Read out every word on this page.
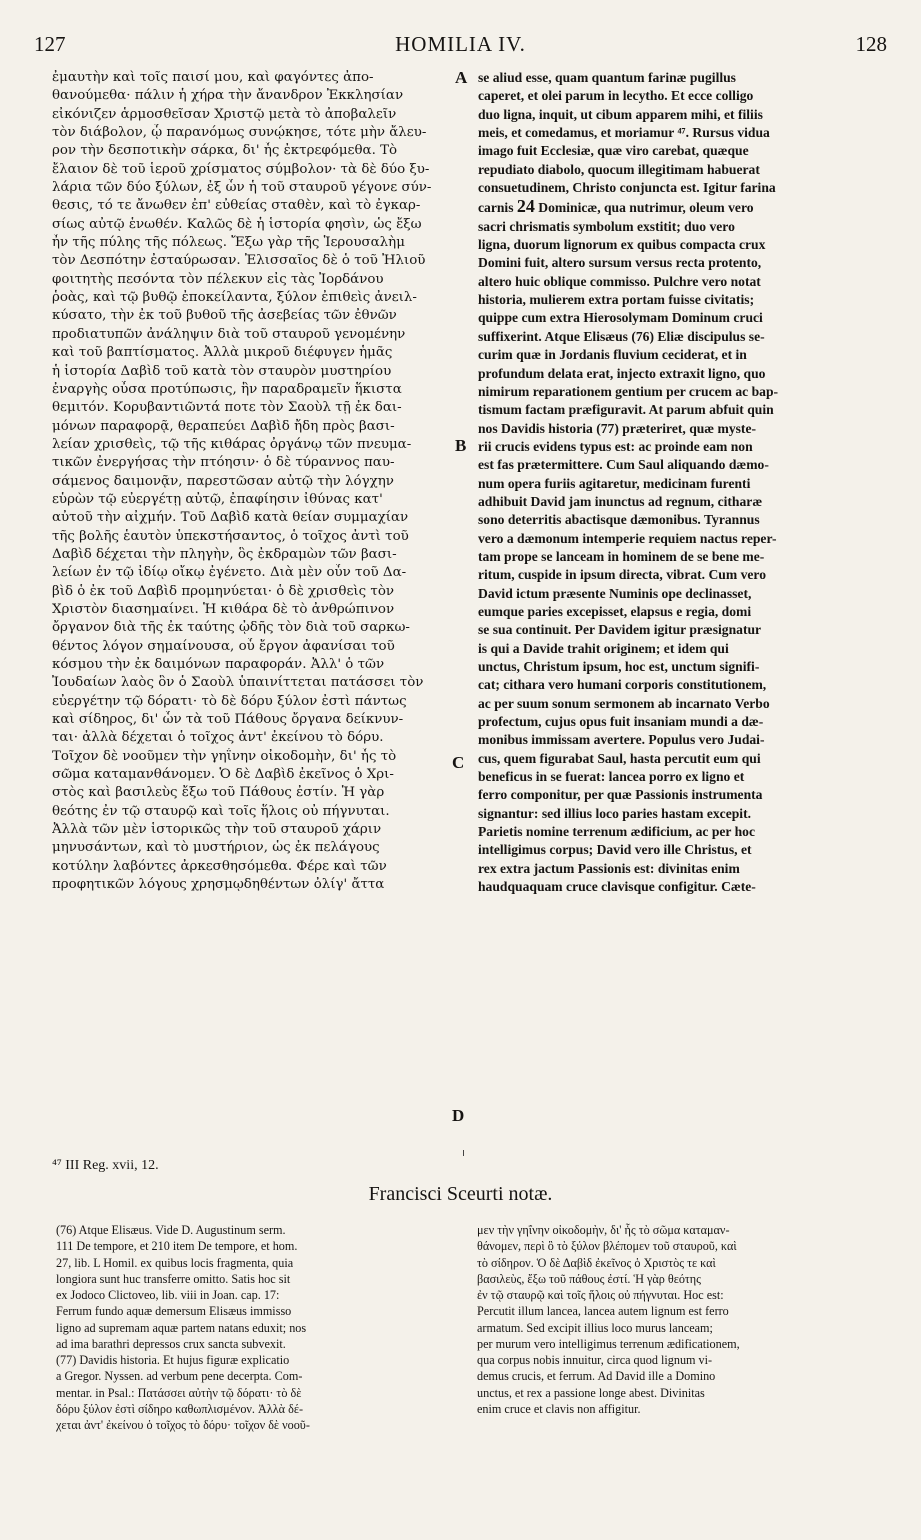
127	HOMILIA IV.	128
ἐμαυτὴν καὶ τοῖς παισί μου, καὶ φαγόντες ἀπο-
θανούμεθα· πάλιν ἡ χήρα τὴν ἄνανδρον Ἐκκλησίαν
εἰκόνιζεν ἁρμοσθεῖσαν Χριστῷ μετὰ τὸ ἀποβαλεῖν
τὸν διάβολον, ᾧ παρανόμως συνῴκησε, τότε μὴν ἄλευ-
ρον τὴν δεσποτικὴν σάρκα, δι' ἧς ἐκτρεφόμεθα. Τὸ
ἔλαιον δὲ τοῦ ἱεροῦ χρίσματος σύμβολον· τὰ δὲ δύο ξυ-
λάρια τῶν δύο ξύλων, ἐξ ὧν ἡ τοῦ σταυροῦ γέγονε σύν-
θεσις, τό τε ἄνωθεν ἐπ' εὐθείας σταθὲν, καὶ τὸ ἐγκαρ-
σίως αὐτῷ ἑνωθέν. Καλῶς δὲ ἡ ἱστορία φησὶν, ὡς ἔξω
ἦν τῆς πύλης τῆς πόλεως. Ἔξω γὰρ τῆς Ἱερουσαλὴμ
τὸν Δεσπότην ἐσταύρωσαν. Ἐλισσαῖος δὲ ὁ τοῦ Ἠλιοῦ
φοιτητὴς πεσόντα τὸν πέλεκυν εἰς τὰς Ἰορδάνου
ῥοὰς, καὶ τῷ βυθῷ ἐποκείλαντα, ξύλον ἐπιθεὶς ἀνειλ-
κύσατο, τὴν ἐκ τοῦ βυθοῦ τῆς ἀσεβείας τῶν ἐθνῶν
προδιατυπῶν ἀνάληψιν διὰ τοῦ σταυροῦ γενομένην
καὶ τοῦ βαπτίσματος. Ἀλλὰ μικροῦ διέφυγεν ἡμᾶς
ἡ ἱστορία Δαβὶδ τοῦ κατὰ τὸν σταυρὸν μυστηρίου
ἐναργὴς οὖσα προτύπωσις, ἣν παραδραμεῖν ἥκιστα
θεμιτόν. Κορυβαντιῶντά ποτε τὸν Σαοὺλ τῇ ἐκ δαι-
μόνων παραφορᾷ, θεραπεύει Δαβὶδ ἤδη πρὸς βασι-
λείαν χρισθεὶς, τῷ τῆς κιθάρας ὀργάνῳ τῶν πνευμα-
τικῶν ἐνεργήσας τὴν πτόησιν· ὁ δὲ τύραννος παυ-
σάμενος δαιμονᾷν, παρεστῶσαν αὐτῷ τὴν λόγχην
εὑρὼν τῷ εὐεργέτῃ αὐτῷ, ἐπαφίησιν ἰθύνας κατ'
αὐτοῦ τὴν αἰχμήν. Τοῦ Δαβὶδ κατὰ θείαν συμμαχίαν
τῆς βολῆς ἑαυτὸν ὑπεκστήσαντος, ὁ τοῖχος ἀντὶ τοῦ
Δαβὶδ δέχεται τὴν πληγὴν, ὃς ἐκδραμὼν τῶν βασι-
λείων ἐν τῷ ἰδίῳ οἴκῳ ἐγένετο. Διὰ μὲν οὖν τοῦ Δα-
βὶδ ὁ ἐκ τοῦ Δαβὶδ προμηνύεται· ὁ δὲ χρισθεὶς τὸν
Χριστὸν διασημαίνει. Ἡ κιθάρα δὲ τὸ ἀνθρώπινον
ὄργανον διὰ τῆς ἐκ ταύτης ᾠδῆς τὸν διὰ τοῦ σαρκω-
θέντος λόγον σημαίνουσα, οὗ ἔργον ἀφανίσαι τοῦ
κόσμου τὴν ἐκ δαιμόνων παραφοράν. Ἀλλ' ὁ τῶν
Ἰουδαίων λαὸς ὃν ὁ Σαοὺλ ὑπαινίττεται πατάσσει τὸν
εὐεργέτην τῷ δόρατι· τὸ δὲ δόρυ ξύλον ἐστὶ πάντως
καὶ σίδηρος, δι' ὧν τὰ τοῦ Πάθους ὄργανα δείκνυν-
ται· ἀλλὰ δέχεται ὁ τοῖχος ἀντ' ἐκείνου τὸ δόρυ.
Τοῖχον δὲ νοοῦμεν τὴν γηΐνην οἰκοδομὴν, δι' ἧς τὸ
σῶμα καταμανθάνομεν. Ὁ δὲ Δαβὶδ ἐκεῖνος ὁ Χρι-
στὸς καὶ βασιλεὺς ἔξω τοῦ Πάθους ἐστίν. Ἡ γὰρ
θεότης ἐν τῷ σταυρῷ καὶ τοῖς ἥλοις οὐ πήγνυται.
Ἀλλὰ τῶν μὲν ἱστορικῶς τὴν τοῦ σταυροῦ χάριν
μηνυσάντων, καὶ τὸ μυστήριον, ὡς ἐκ πελάγους
κοτύλην λαβόντες ἀρκεσθησόμεθα. Φέρε καὶ τῶν
προφητικῶν λόγους χρησμῳδηθέντων ὀλίγ' ἄττα
se aliud esse, quam quantum farinæ pugillus
caperet, et olei parum in lecytho. Et ecce colligo
duo ligna, inquit, ut cibum apparem mihi, et filiis
meis, et comedamus, et moriamur ⁴⁷. Rursus vidua
imago fuit Ecclesiæ, quæ viro carebat, quæque
repudiato diabolo, quocum illegitimam habuerat
consuetudinem, Christo conjuncta est. Igitur farina
carnis 24 Dominicæ, qua nutrimur, oleum vero
sacri chrismatis symbolum exstitit; duo vero
ligna, duorum lignorum ex quibus compacta crux
Domini fuit, altero sursum versus recta protento,
altero huic oblique commisso. Pulchre vero notat
historia, mulierem extra portam fuisse civitatis;
quippe cum extra Hierosolymam Dominum cruci
suffixerint. Atque Elisæus (76) Eliæ discipulus se-
curim quæ in Jordanis fluvium ceciderat, et in
profundum delata erat, injecto extraxit ligno, quo
nimirum reparationem gentium per crucem ac bap-
tismum factam præfiguravit. At parum abfuit quin
nos Davidis historia (77) præteriret, quæ myste-
rii crucis evidens typus est: ac proinde eam non
est fas prætermittere. Cum Saul aliquando dæmo-
num opera furiis agitaretur, medicinam furenti
adhibuit David jam inunctus ad regnum, citharæ
sono deterritis abactisque dæmonibus. Tyrannus
vero a dæmonum intemperie requiem nactus reper-
tam prope se lanceam in hominem de se bene me-
ritum, cuspide in ipsum directa, vibrat. Cum vero
David ictum præsente Numinis ope declinasset,
eumque paries excepisset, elapsus e regia, domi
se sua continuit. Per Davidem igitur præsignatur
is qui a Davide trahit originem; et idem qui
unctus, Christum ipsum, hoc est, unctum signifi-
cat; cithara vero humani corporis constitutionem,
ac per suum sonum sermonem ab incarnato Verbo
profectum, cujus opus fuit insaniam mundi a dæ-
monibus immissam avertere. Populus vero Judai-
cus, quem figurabat Saul, hasta percutit eum qui
beneficus in se fuerat: lancea porro ex ligno et
ferro componitur, per quæ Passionis instrumenta
signantur: sed illius loco paries hastam excepit.
Parietis nomine terrenum ædificium, ac per hoc
intelligimus corpus; David vero ille Christus, et
rex extra jactum Passionis est: divinitas enim
haudquaquam cruce clavisque configitur. Cæte-
A
B
C
D
⁴⁷ III Reg. xvii, 12.
Francisci Sceurti notæ.
(76) Atque Elisæus. Vide D. Augustinum serm.
111 De tempore, et 210 item De tempore, et hom.
27, lib. L Homil. ex quibus locis fragmenta, quia
longiora sunt huc transferre omitto. Satis hoc sit
ex Jodoco Clictoveo, lib. viii in Joan. cap. 17:
Ferrum fundo aquæ demersum Elisæus immisso
ligno ad supremam aquæ partem natans eduxit; nos
ad ima barathri depressos crux sancta subvexit.
(77) Davidis historia. Et hujus figuræ explicatio
a Gregor. Nyssen. ad verbum pene decerpta. Com-
mentar. in Psal.: Πατάσσει αὐτὴν τῷ δόρατι· τὸ δὲ
δόρυ ξύλον ἐστὶ σίδηρο καθωπλισμένον. Ἀλλὰ δέ-
χεται ἀντ' ἐκείνου ὁ τοῖχος τὸ δόρυ· τοῖχον δὲ νοοῦ-
μεν τὴν γηΐνην οἰκοδομὴν, δι' ἧς τὸ σῶμα καταμαν-
θάνομεν, περὶ ὃ τὸ ξύλον βλέπομεν τοῦ σταυροῦ, καὶ
τὸ σίδηρον. Ὁ δὲ Δαβὶδ ἐκεῖνος ὁ Χριστὸς τε καὶ
βασιλεὺς, ἔξω τοῦ πάθους ἐστί. Ἡ γὰρ θεότης
ἐν τῷ σταυρῷ καὶ τοῖς ἥλοις οὐ πήγνυται. Hoc est:
Percutit illum lancea, lancea autem lignum est ferro
armatum. Sed excipit illius loco murus lanceam;
per murum vero intelligimus terrenum ædificationem,
qua corpus nobis innuitur, circa quod lignum vi-
demus crucis, et ferrum. Ad David ille a Domino
unctus, et rex a passione longe abest. Divinitas
enim cruce et clavis non affigitur.
